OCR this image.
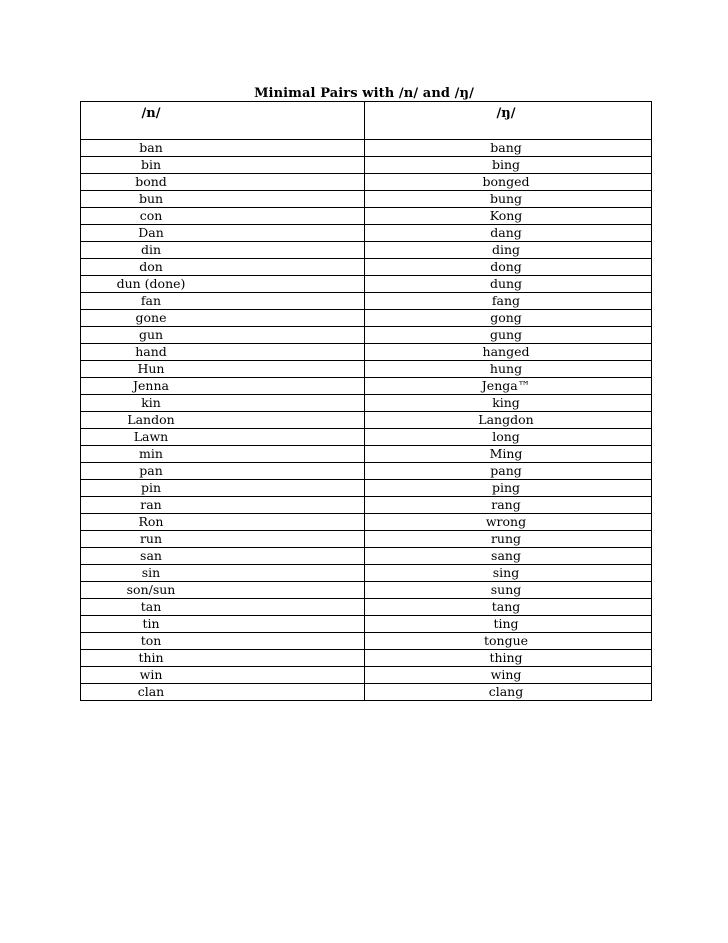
Minimal Pairs with /n/ and /ŋ/
/n/	/ŋ/
ban	bang
bin	bing
bond	bonged
bun	bung
con	Kong
Dan	dang
din	ding
don	dong
dun (done)	dung
fan	fang
gone	gong
gun	gung
hand	hanged
Hun	hung
Jenna	Jenga™
kin	king
Landon	Langdon
Lawn	long
min	Ming
pan	pang
pin	ping
ran	rang
Ron	wrong
run	rung
san	sang
sin	sing
son/sun	sung
tan	tang
tin	ting
ton	tongue
thin	thing
win	wing
clan	clang
